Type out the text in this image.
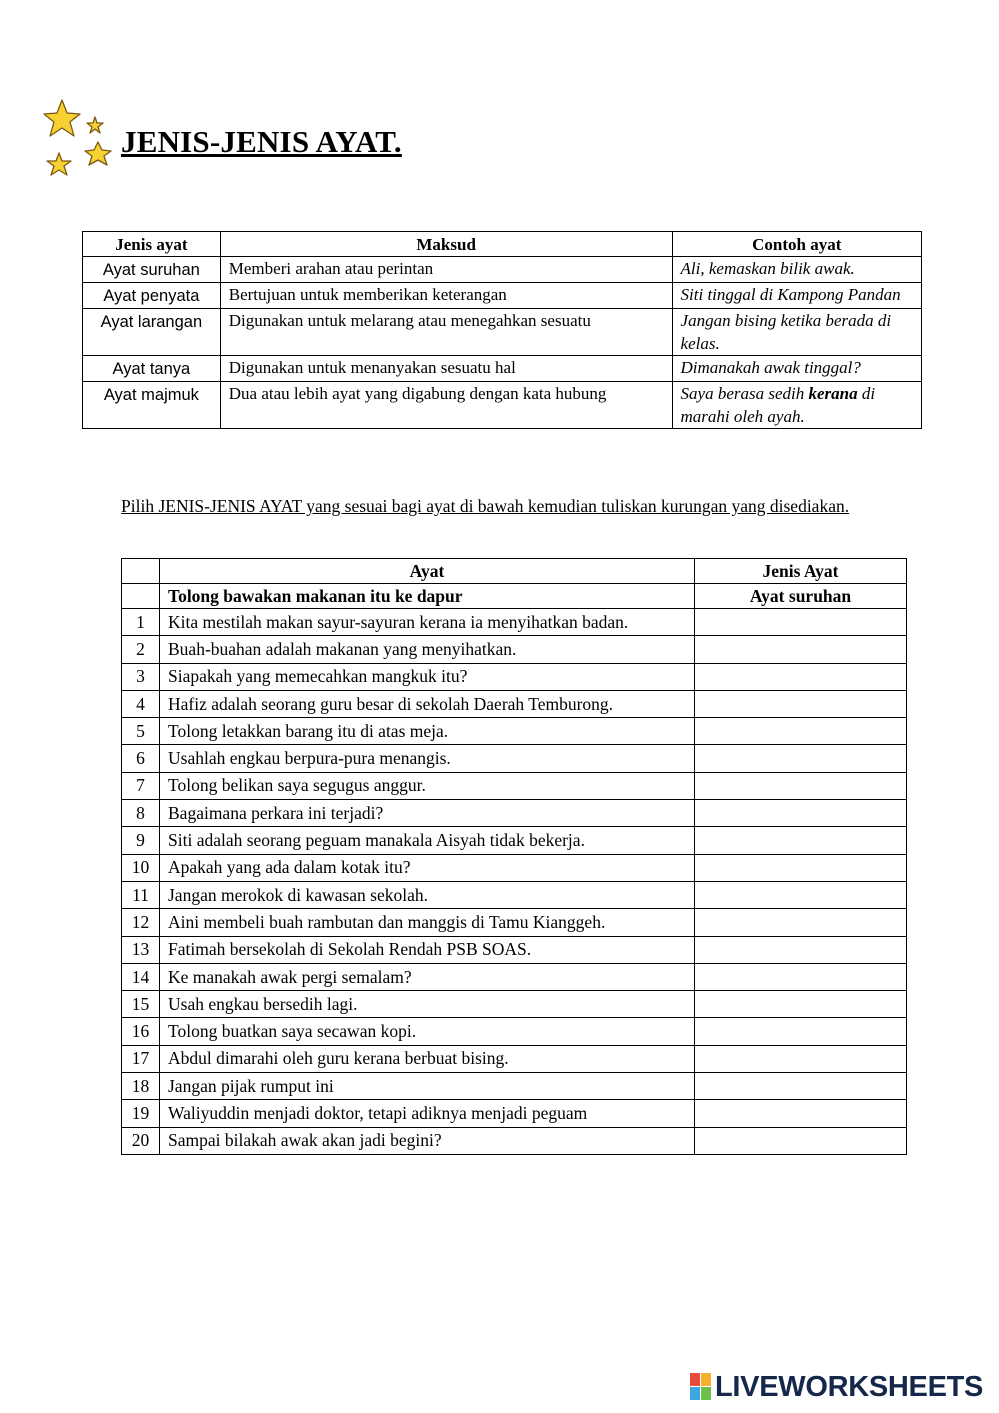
JENIS-JENIS AYAT.
Jenis ayat	Maksud	Contoh ayat
Ayat suruhan	Memberi arahan atau perintan	Ali, kemaskan bilik awak.
Ayat penyata	Bertujuan untuk memberikan keterangan	Siti tinggal di Kampong Pandan
Ayat larangan	Digunakan untuk melarang atau menegahkan sesuatu	Jangan bising ketika berada di kelas.
Ayat tanya	Digunakan untuk menanyakan sesuatu hal	Dimanakah awak tinggal?
Ayat majmuk	Dua atau lebih ayat yang digabung dengan kata hubung	Saya berasa sedih kerana di marahi oleh ayah.

Pilih JENIS-JENIS AYAT yang sesuai bagi ayat di bawah kemudian tuliskan kurungan yang disediakan.

	Ayat	Jenis Ayat
	Tolong bawakan makanan itu ke dapur	Ayat suruhan
1	Kita mestilah makan sayur-sayuran kerana ia menyihatkan badan.	
2	Buah-buahan adalah makanan yang menyihatkan.	
3	Siapakah yang memecahkan mangkuk itu?	
4	Hafiz adalah seorang guru besar di sekolah Daerah Temburong.	
5	Tolong letakkan barang itu di atas meja.	
6	Usahlah engkau berpura-pura menangis.	
7	Tolong belikan saya segugus anggur.	
8	Bagaimana perkara ini terjadi?	
9	Siti adalah seorang peguam manakala Aisyah tidak bekerja.	
10	Apakah yang ada dalam kotak itu?	
11	Jangan merokok di kawasan sekolah.	
12	Aini membeli buah rambutan dan manggis di Tamu Kianggeh.	
13	Fatimah bersekolah di Sekolah Rendah PSB SOAS.	
14	Ke manakah awak pergi semalam?	
15	Usah engkau bersedih lagi.	
16	Tolong buatkan saya secawan kopi.	
17	Abdul dimarahi oleh guru kerana berbuat bising.	
18	Jangan pijak rumput ini	
19	Waliyuddin menjadi doktor, tetapi adiknya menjadi peguam	
20	Sampai bilakah awak akan jadi begini?	
LIVEWORKSHEETS
